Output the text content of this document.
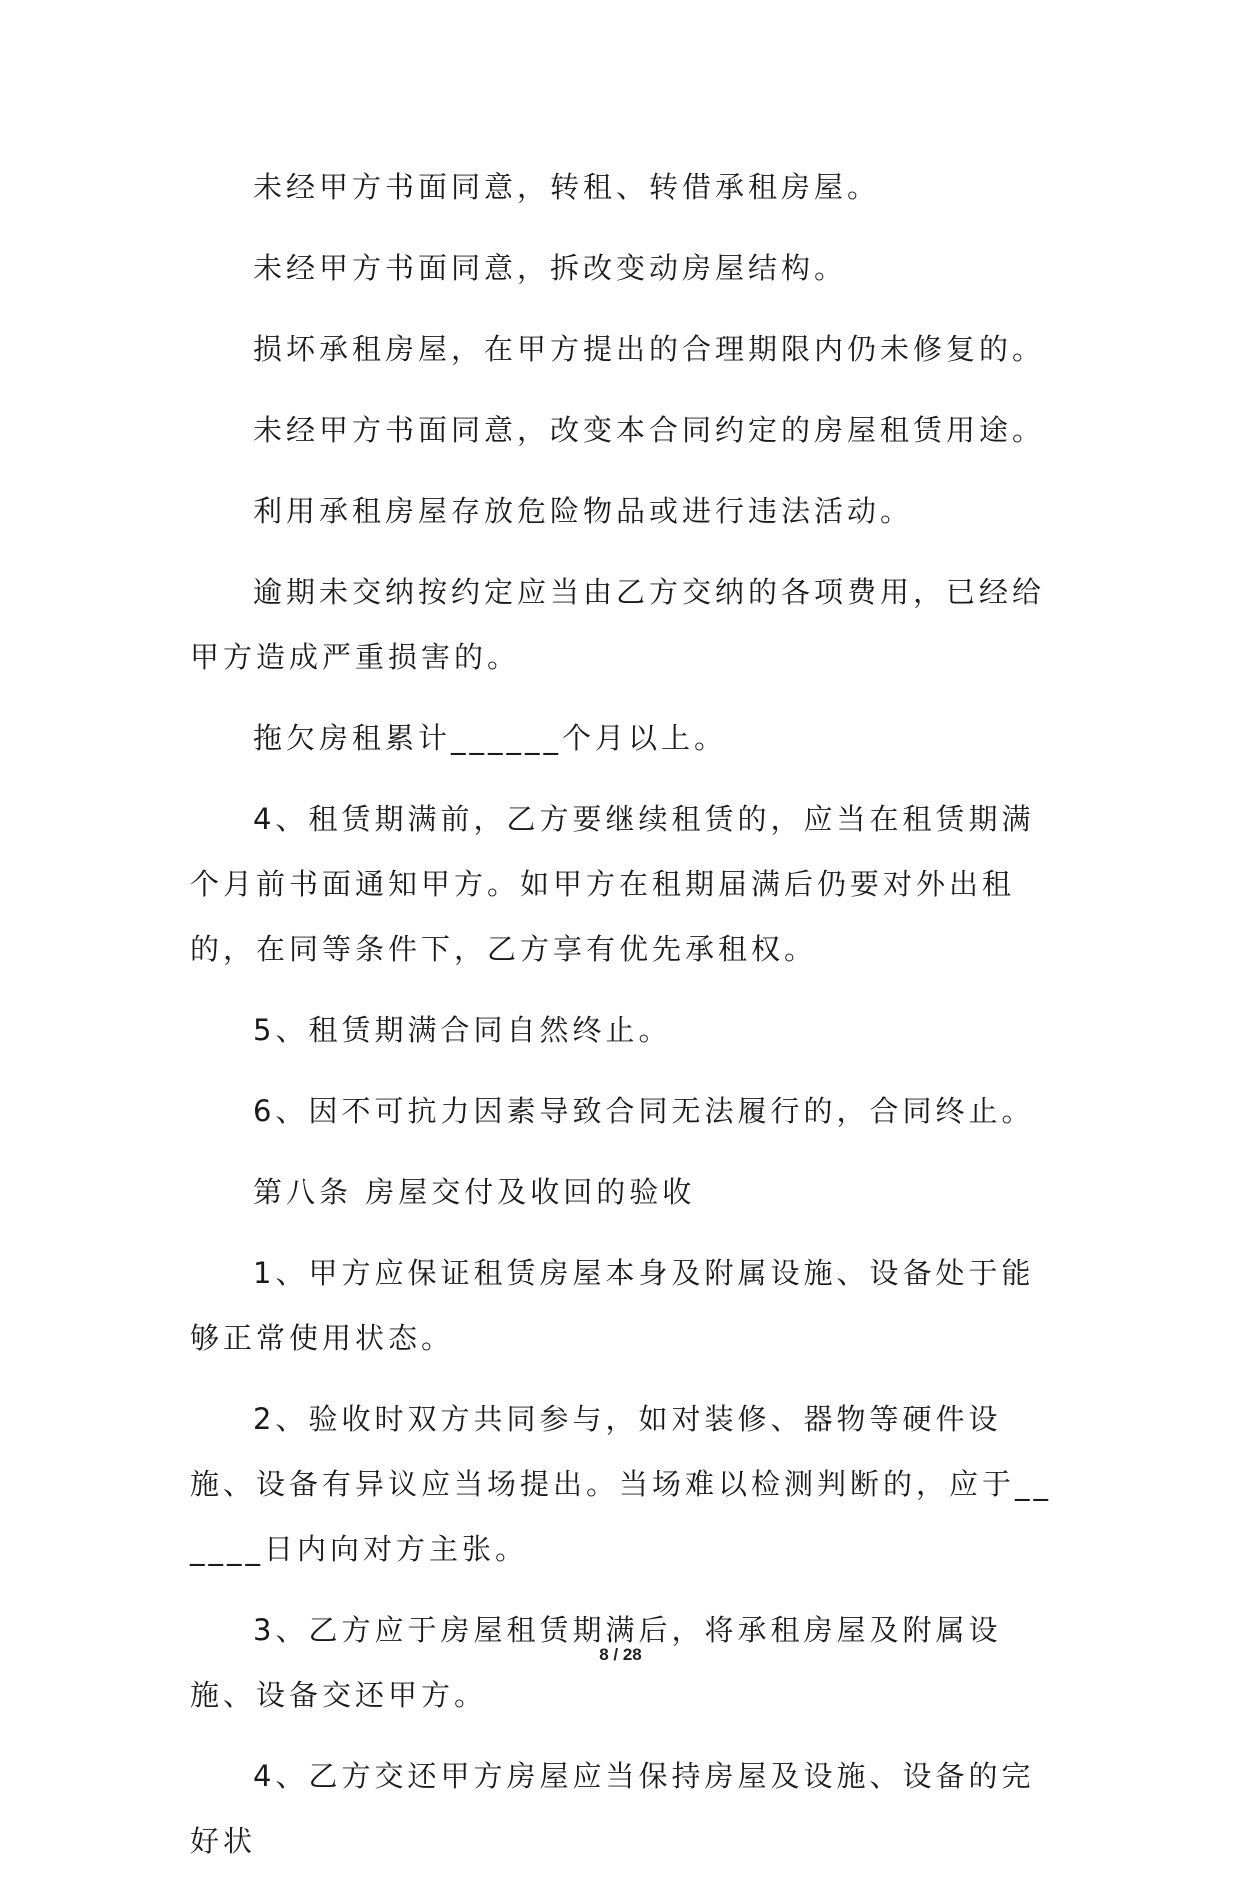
未经甲方书面同意，转租、转借承租房屋。

未经甲方书面同意，拆改变动房屋结构。

损坏承租房屋，在甲方提出的合理期限内仍未修复的。

未经甲方书面同意，改变本合同约定的房屋租赁用途。

利用承租房屋存放危险物品或进行违法活动。

逾期未交纳按约定应当由乙方交纳的各项费用，已经给甲方造成严重损害的。

拖欠房租累计______个月以上。

4、租赁期满前，乙方要继续租赁的，应当在租赁期满个月前书面通知甲方。如甲方在租期届满后仍要对外出租的，在同等条件下，乙方享有优先承租权。

5、租赁期满合同自然终止。

6、因不可抗力因素导致合同无法履行的，合同终止。

第八条 房屋交付及收回的验收

1、甲方应保证租赁房屋本身及附属设施、设备处于能够正常使用状态。

2、验收时双方共同参与，如对装修、器物等硬件设施、设备有异议应当场提出。当场难以检测判断的，应于______日内向对方主张。

3、乙方应于房屋租赁期满后，将承租房屋及附属设施、设备交还甲方。

4、乙方交还甲方房屋应当保持房屋及设施、设备的完好状

8 / 28
